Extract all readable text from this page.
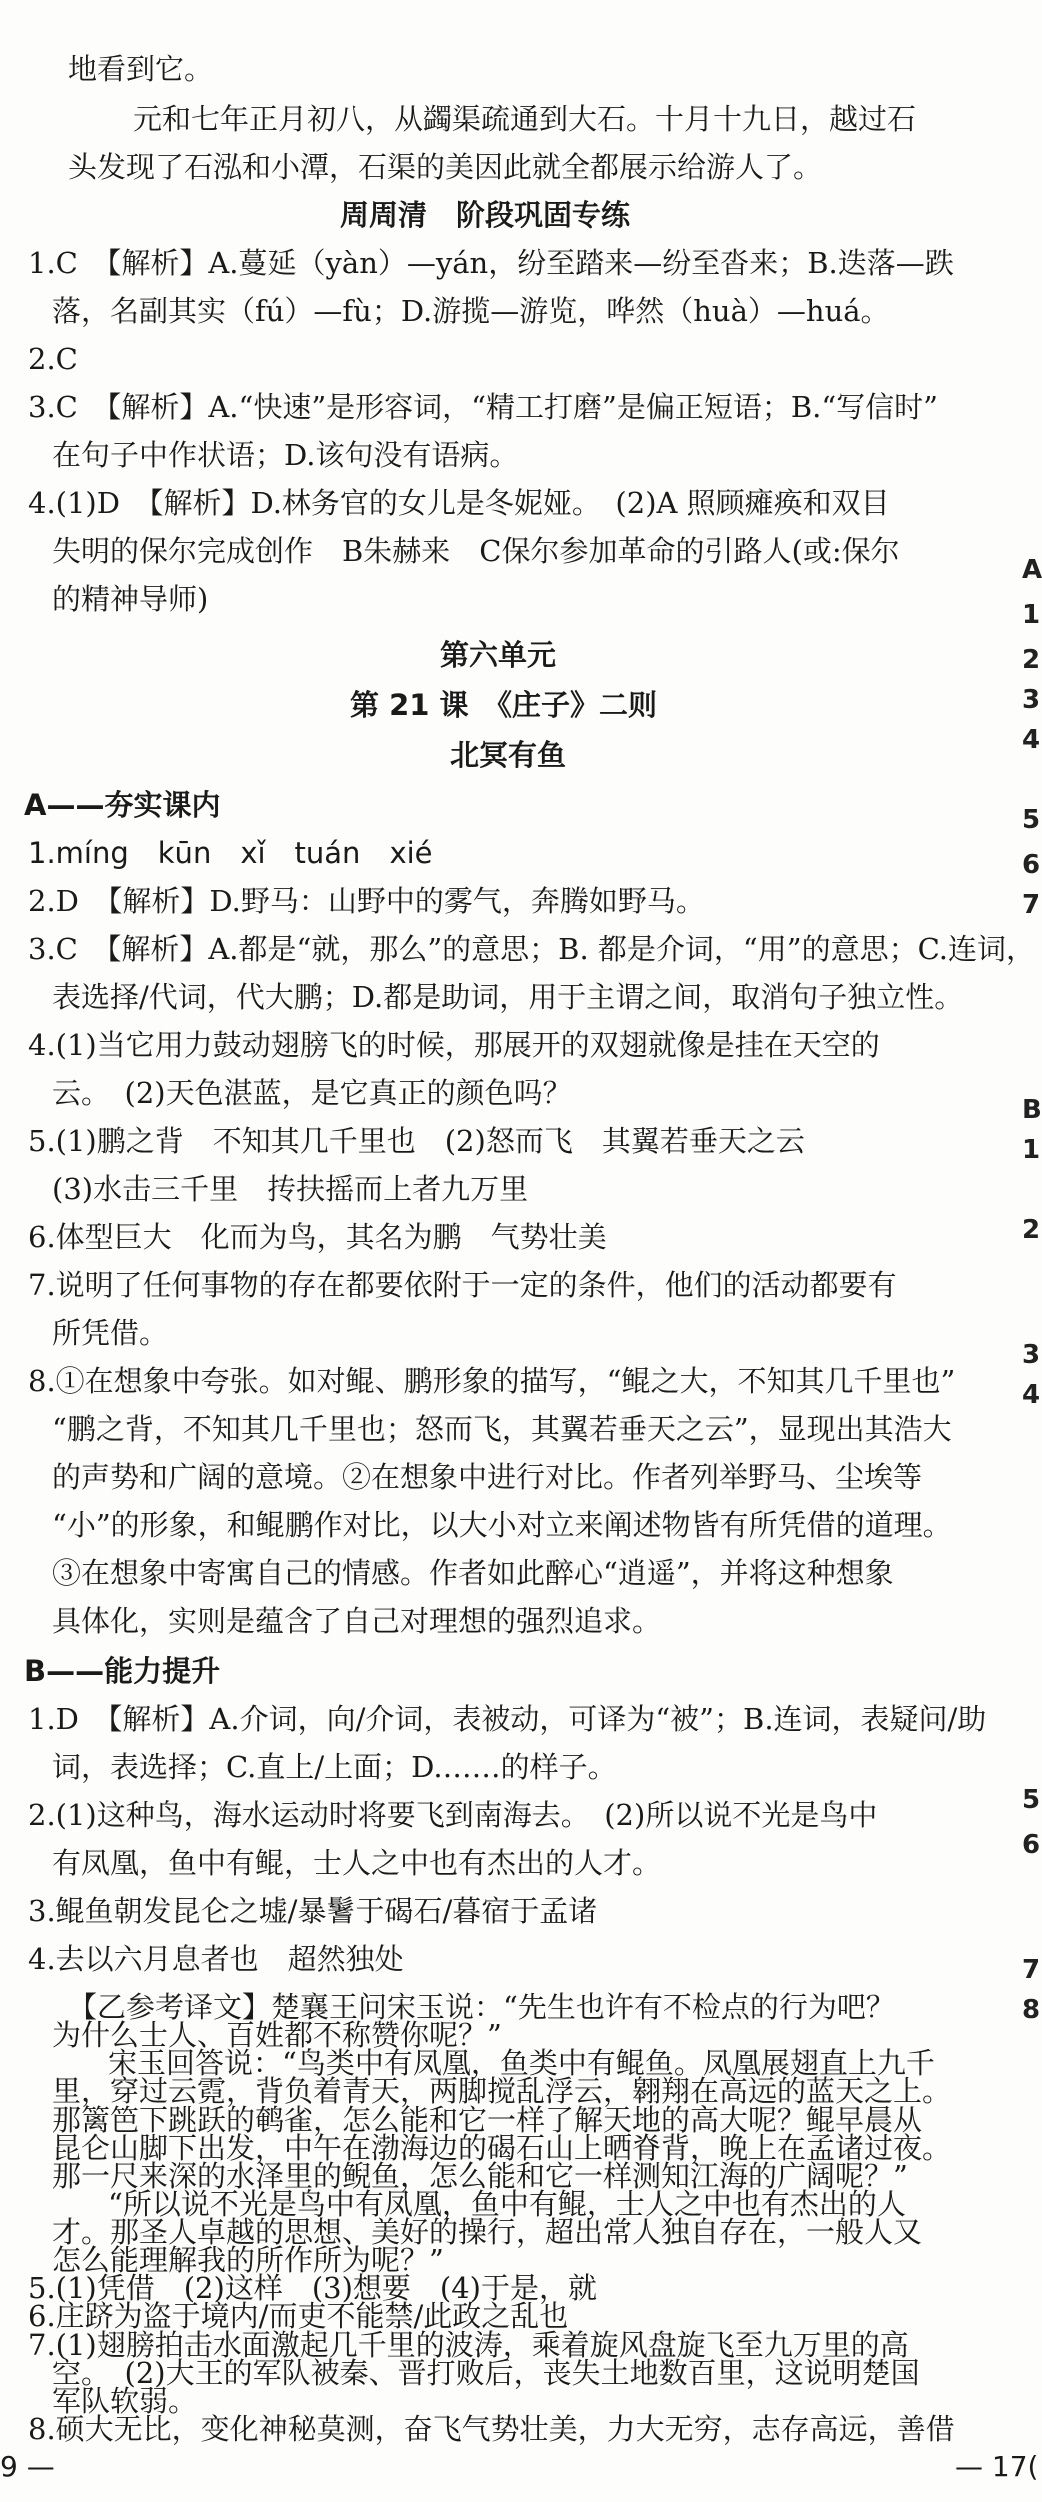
地看到它。
元和七年正月初八，从蠲渠疏通到大石。十月十九日，越过石
头发现了石泓和小潭，石渠的美因此就全都展示给游人了。
周周清　阶段巩固专练
1.C　【解析】A.蔓延（yàn）—yán，纷至踏来—纷至沓来；B.迭落—跌
落，名副其实（fú）—fù；D.游揽—游览，哗然（huà）—huá。
2.C
3.C　【解析】A.“快速”是形容词，“精工打磨”是偏正短语；B.“写信时”
在句子中作状语；D.该句没有语病。
4.(1)D　【解析】D.林务官的女儿是冬妮娅。　(2)A 照顾瘫痪和双目
失明的保尔完成创作　B朱赫来　C保尔参加革命的引路人(或:保尔
的精神导师)
第六单元
第 21 课　《庄子》二则
北冥有鱼
A——夯实课内
1.míng　kūn　xǐ　tuán　xié
2.D　【解析】D.野马：山野中的雾气，奔腾如野马。
3.C　【解析】A.都是“就，那么”的意思；B. 都是介词，“用”的意思；C.连词，
表选择/代词，代大鹏；D.都是助词，用于主谓之间，取消句子独立性。
4.(1)当它用力鼓动翅膀飞的时候，那展开的双翅就像是挂在天空的
云。　(2)天色湛蓝，是它真正的颜色吗？
5.(1)鹏之背　不知其几千里也　(2)怒而飞　其翼若垂天之云
(3)水击三千里　抟扶摇而上者九万里
6.体型巨大　化而为鸟，其名为鹏　气势壮美
7.说明了任何事物的存在都要依附于一定的条件，他们的活动都要有
所凭借。
8.①在想象中夸张。如对鲲、鹏形象的描写，“鲲之大，不知其几千里也”
“鹏之背，不知其几千里也；怒而飞，其翼若垂天之云”，显现出其浩大
的声势和广阔的意境。②在想象中进行对比。作者列举野马、尘埃等
“小”的形象，和鲲鹏作对比，以大小对立来阐述物皆有所凭借的道理。
③在想象中寄寓自己的情感。作者如此醉心“逍遥”，并将这种想象
具体化，实则是蕴含了自己对理想的强烈追求。
B——能力提升
1.D　【解析】A.介词，向/介词，表被动，可译为“被”；B.连词，表疑问/助
词，表选择；C.直上/上面；D.……的样子。
2.(1)这种鸟，海水运动时将要飞到南海去。　(2)所以说不光是鸟中
有凤凰，鱼中有鲲，士人之中也有杰出的人才。
3.鲲鱼朝发昆仑之墟/暴鬐于碣石/暮宿于孟诸
4.去以六月息者也　超然独处
【乙参考译文】楚襄王问宋玉说：“先生也许有不检点的行为吧？
为什么士人、百姓都不称赞你呢？”
宋玉回答说：“鸟类中有凤凰，鱼类中有鲲鱼。凤凰展翅直上九千
里，穿过云霓，背负着青天，两脚搅乱浮云，翱翔在高远的蓝天之上。
那篱笆下跳跃的鹌雀，怎么能和它一样了解天地的高大呢？鲲早晨从
昆仑山脚下出发，中午在渤海边的碣石山上晒脊背，晚上在孟诸过夜。
那一尺来深的水泽里的鲵鱼，怎么能和它一样测知江海的广阔呢？”
“所以说不光是鸟中有凤凰，鱼中有鲲，士人之中也有杰出的人
才。那圣人卓越的思想、美好的操行，超出常人独自存在，一般人又
怎么能理解我的所作所为呢？”
5.(1)凭借　(2)这样　(3)想要　(4)于是，就
6.庄跻为盗于境内/而吏不能禁/此政之乱也
7.(1)翅膀拍击水面激起几千里的波涛，乘着旋风盘旋飞至九万里的高
空。　(2)大王的军队被秦、晋打败后，丧失土地数百里，这说明楚国
军队软弱。
8.硕大无比，变化神秘莫测，奋飞气势壮美，力大无穷，志存高远，善借
A
1
2
3
4
5
6
7
B
1
2
3
4
5
6
7
8
9 —	— 17(
